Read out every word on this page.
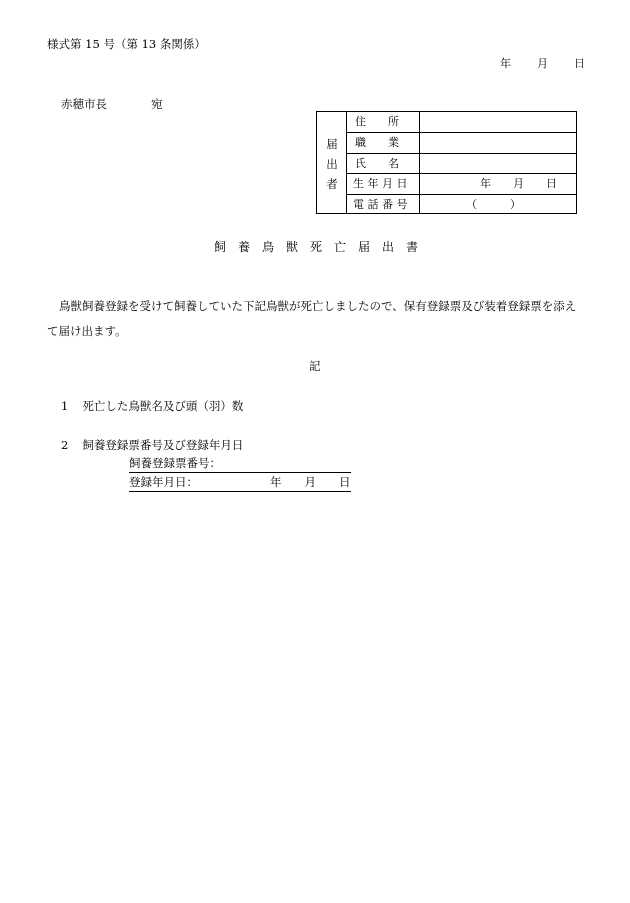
様式第 15 号（第 13 条関係）
年 月 日
赤穂市長	宛
届
出
者
住　　所
職　　業
氏　　名
生 年 月 日	年　　月　　日
電 話 番 号	（　　　）
飼　養　鳥　獣　死　亡　届　出　書
鳥獣飼養登録を受けて飼養していた下記鳥獣が死亡しましたので、保有登録票及び装着登録票を添えて届け出ます。
記
1 死亡した鳥獣名及び頭（羽）数
2 飼養登録票番号及び登録年月日
飼養登録票番号：
登録年月日：	年　　月　　日
